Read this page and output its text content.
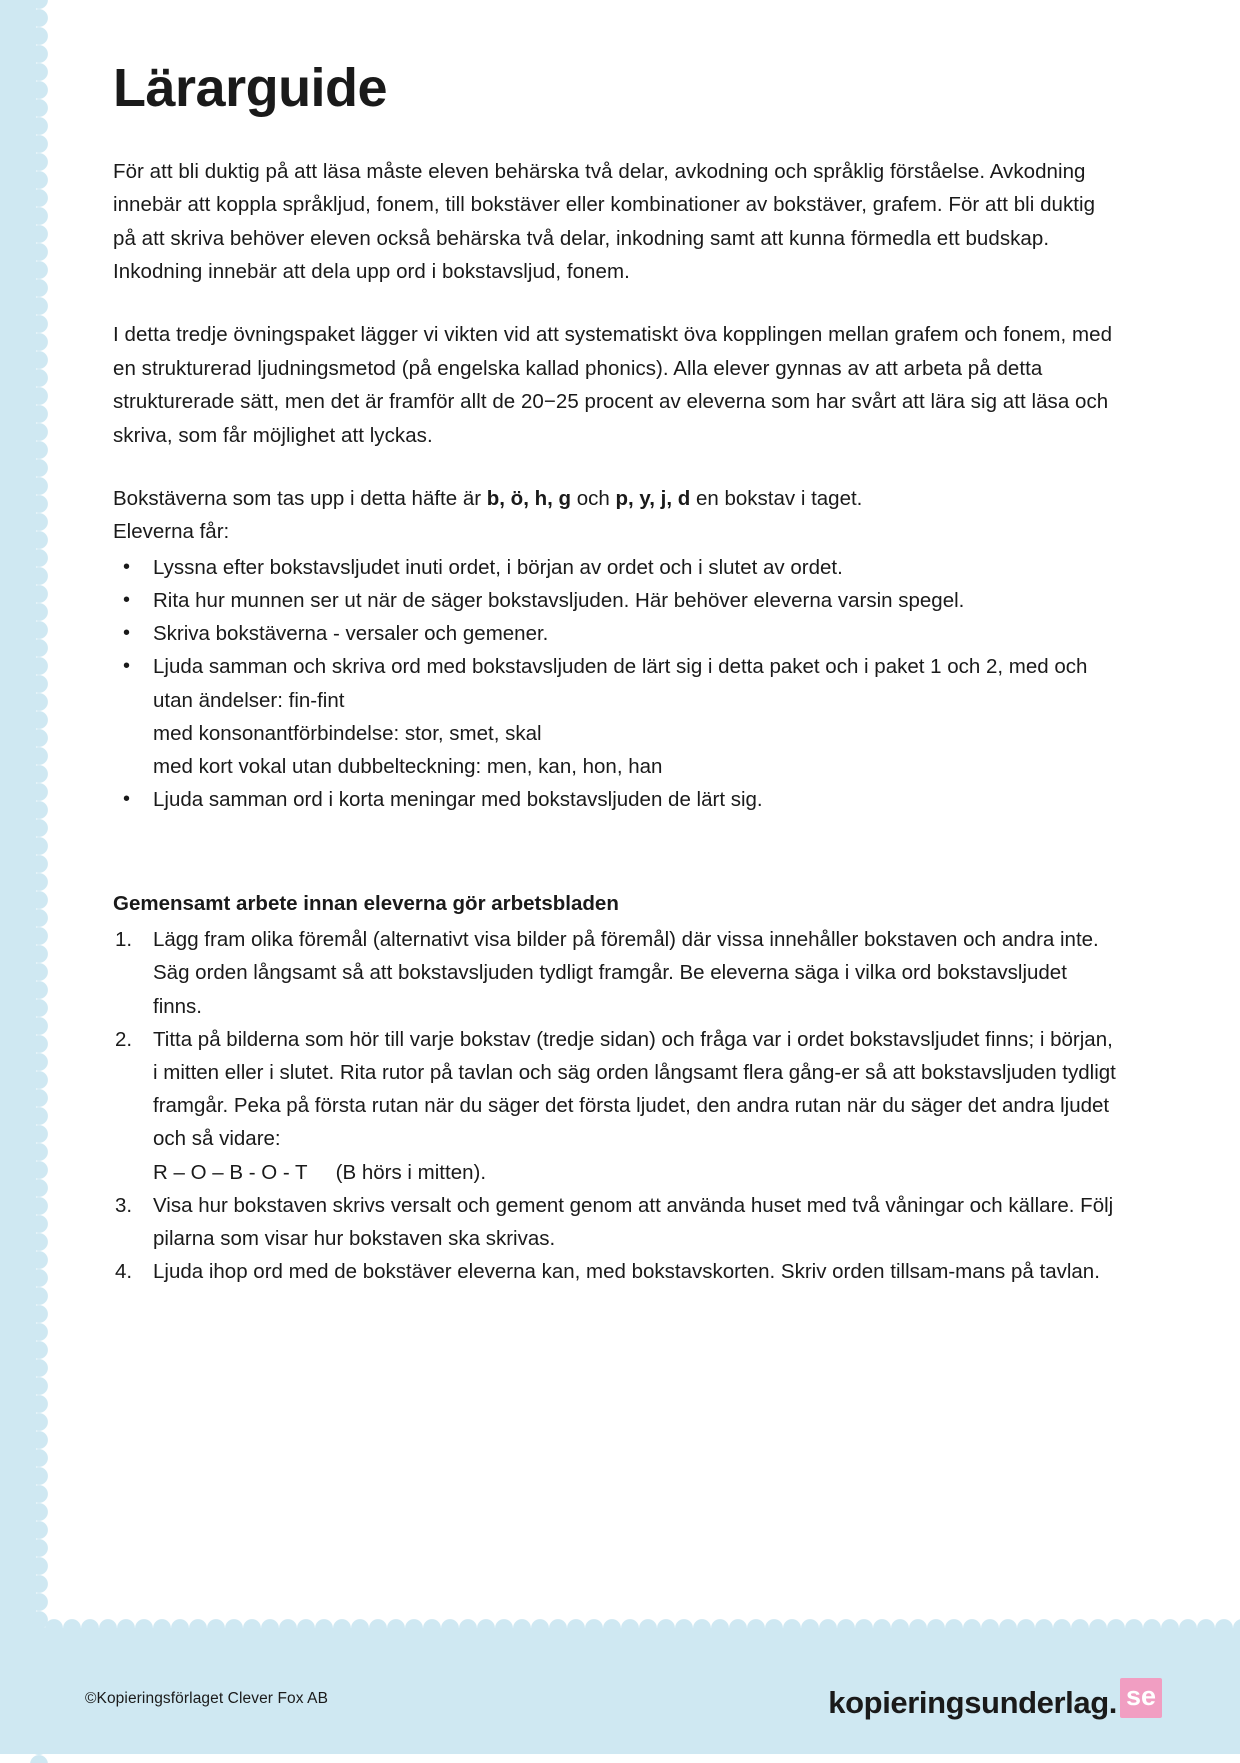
Lärarguide

För att bli duktig på att läsa måste eleven behärska två delar, avkodning och språklig förståelse. Avkodning innebär att koppla språkljud, fonem, till bokstäver eller kombinationer av bokstäver, grafem. För att bli duktig på att skriva behöver eleven också behärska två delar, inkodning samt att kunna förmedla ett budskap. Inkodning innebär att dela upp ord i bokstavsljud, fonem.

I detta tredje övningspaket lägger vi vikten vid att systematiskt öva kopplingen mellan grafem och fonem, med en strukturerad ljudningsmetod (på engelska kallad phonics). Alla elever gynnas av att arbeta på detta strukturerade sätt, men det är framför allt de 20−25 procent av eleverna som har svårt att lära sig att läsa och skriva, som får möjlighet att lyckas.

Bokstäverna som tas upp i detta häfte är b, ö, h, g och p, y, j, d en bokstav i taget.
Eleverna får:
• Lyssna efter bokstavsljudet inuti ordet, i början av ordet och i slutet av ordet.
• Rita hur munnen ser ut när de säger bokstavsljuden. Här behöver eleverna varsin spegel.
• Skriva bokstäverna - versaler och gemener.
• Ljuda samman och skriva ord med bokstavsljuden de lärt sig i detta paket och i paket 1 och 2, med och utan ändelser: fin-fint
med konsonantförbindelse: stor, smet, skal
med kort vokal utan dubbelteckning: men, kan, hon, han
• Ljuda samman ord i korta meningar med bokstavsljuden de lärt sig.
Gemensamt arbete innan eleverna gör arbetsbladen
Lägg fram olika föremål (alternativt visa bilder på föremål) där vissa innehåller bokstaven och andra inte. Säg orden långsamt så att bokstavsljuden tydligt framgår. Be eleverna säga i vilka ord bokstavsljudet finns.
Titta på bilderna som hör till varje bokstav (tredje sidan) och fråga var i ordet bokstavsljudet finns; i början, i mitten eller i slutet. Rita rutor på tavlan och säg orden långsamt flera gång-er så att bokstavsljuden tydligt framgår. Peka på första rutan när du säger det första ljudet, den andra rutan när du säger det andra ljudet och så vidare:
R – O – B - O - T     (B hörs i mitten).
Visa hur bokstaven skrivs versalt och gement genom att använda huset med två våningar och källare. Följ pilarna som visar hur bokstaven ska skrivas.
Ljuda ihop ord med de bokstäver eleverna kan, med bokstavskorten. Skriv orden tillsam-mans på tavlan.
©Kopieringsförlaget Clever Fox AB	kopieringsunderlag. se
